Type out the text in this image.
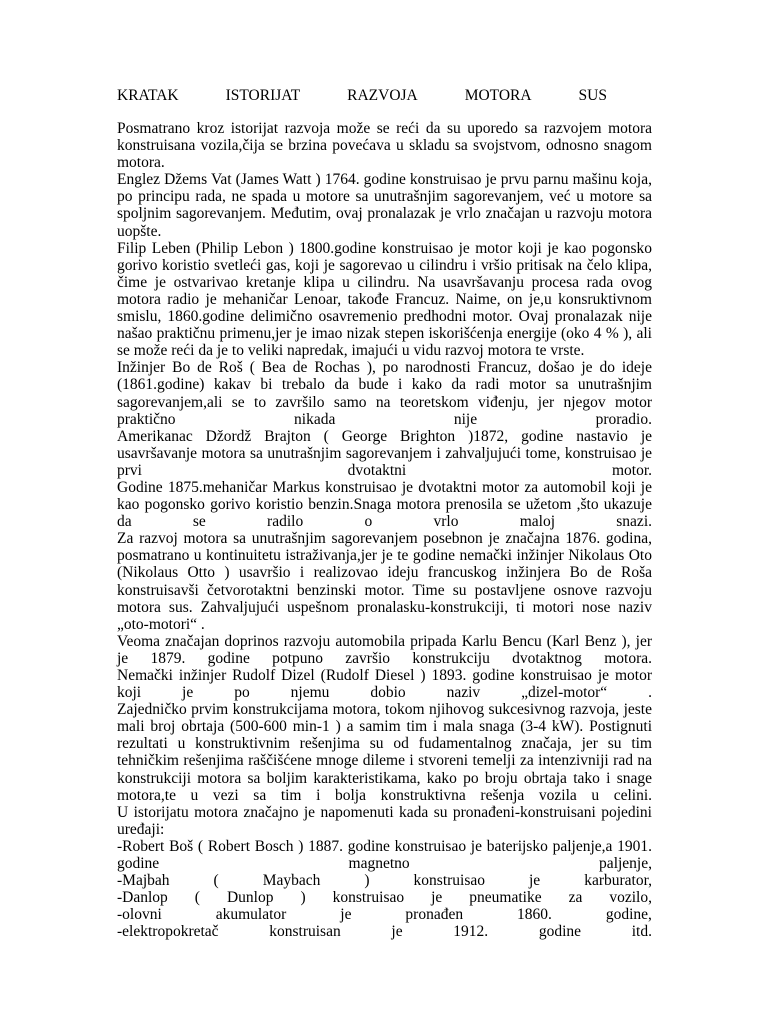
KRATAK	ISTORIJAT	RAZVOJA	MOTORA	SUS

Posmatrano kroz istorijat razvoja može se reći da su uporedo sa razvojem motora konstruisana vozila,čija se brzina povećava u skladu sa svojstvom, odnosno snagom motora.

Englez Džems Vat (James Watt ) 1764. godine konstruisao je prvu parnu mašinu koja, po principu rada, ne spada u motore sa unutrašnjim sagorevanjem, već u motore sa spoljnim sagorevanjem. Međutim, ovaj pronalazak je vrlo značajan u razvoju motora uopšte.

Filip Leben (Philip Lebon ) 1800.godine konstruisao je motor koji je kao pogonsko gorivo koristio svetleći gas, koji je sagorevao u cilindru i vršio pritisak na čelo klipa, čime je ostvarivao kretanje klipa u cilindru. Na usavršavanju procesa rada ovog motora radio je mehaničar Lenoar, takođe Francuz. Naime, on je,u konsruktivnom smislu, 1860.godine delimično osavremenio predhodni motor. Ovaj pronalazak nije našao praktičnu primenu,jer je imao nizak stepen iskorišćenja energije (oko 4 % ), ali se može reći da je to veliki napredak, imajući u vidu razvoj motora te vrste.

Inžinjer Bo de Roš ( Bea de Rochas ), po narodnosti Francuz, došao je do ideje (1861.godine) kakav bi trebalo da bude i kako da radi motor sa unutrašnjim sagorevanjem,ali se to završilo samo na teoretskom viđenju, jer njegov motor praktično nikada nije proradio.

Amerikanac Džordž Brajton ( George Brighton )1872, godine nastavio je usavršavanje motora sa unutrašnjim sagorevanjem i zahvaljujući tome, konstruisao je prvi dvotaktni motor.

Godine 1875.mehaničar Markus konstruisao je dvotaktni motor za automobil koji je kao pogonsko gorivo koristio benzin.Snaga motora prenosila se užetom ,što ukazuje da se radilo o vrlo maloj snazi.

Za razvoj motora sa unutrašnjim sagorevanjem posebnon je značajna 1876. godina, posmatrano u kontinuitetu istraživanja,jer je te godine nemački inžinjer Nikolaus Oto (Nikolaus Otto ) usavršio i realizovao ideju francuskog inžinjera Bo de Roša konstruisavši četvorotaktni benzinski motor. Time su postavljene osnove razvoju motora sus. Zahvaljujući uspešnom pronalasku-konstrukciji, ti motori nose naziv „oto-motori“ .

Veoma značajan doprinos razvoju automobila pripada Karlu Bencu (Karl Benz ), jer je 1879. godine potpuno završio konstrukciju dvotaktnog motora.

Nemački inžinjer Rudolf Dizel (Rudolf Diesel ) 1893. godine konstruisao je motor koji je po njemu dobio naziv „dizel-motor“ .

Zajedničko prvim konstrukcijama motora, tokom njihovog sukcesivnog razvoja, jeste mali broj obrtaja (500-600 min-1 ) a samim tim i mala snaga (3-4 kW). Postignuti rezultati u konstruktivnim rešenjima su od fudamentalnog značaja, jer su tim tehničkim rešenjima raščišćene mnoge dileme i stvoreni temelji za intenzivniji rad na konstrukciji motora sa boljim karakteristikama, kako po broju obrtaja tako i snage motora,te u vezi sa tim i bolja konstruktivna rešenja vozila u celini.

U istorijatu motora značajno je napomenuti kada su pronađeni-konstruisani pojedini uređaji:

-Robert Boš ( Robert Bosch ) 1887. godine konstruisao je baterijsko paljenje,a 1901. godine magnetno paljenje,

-Majbah	(	Maybach	)	konstruisao	je	karburator,
-Danlop ( Dunlop ) konstruisao je pneumatike za vozilo,
-olovni	akumulator	je	pronađen	1860.	godine,
-elektropokretač	konstruisan	je	1912.	godine	itd.
